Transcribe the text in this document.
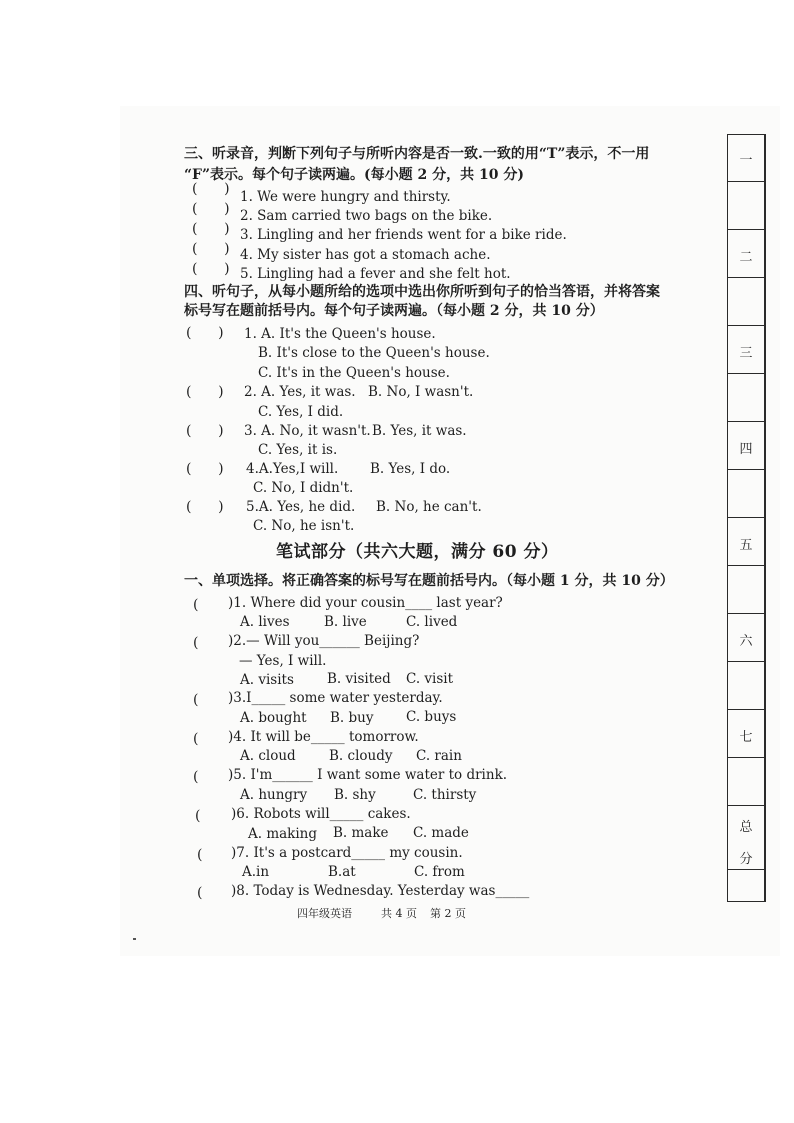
三、听录音，判断下列句子与所听内容是否一致.一致的用“T”表示，不一用
“F”表示。每个句子读两遍。(每小题 2 分，共 10 分)
(      ) 1. We were hungry and thirsty.
(      ) 2. Sam carried two bags on the bike.
(      ) 3. Lingling and her friends went for a bike ride.
(      ) 4. My sister has got a stomach ache.
(      ) 5. Lingling had a fever and she felt hot.
四、听句子，从每小题所给的选项中选出你所听到句子的恰当答语，并将答案
标号写在题前括号内。每个句子读两遍。（每小题 2 分，共 10 分）
(      ) 1. A. It's the Queen's house.
B. It's close to the Queen's house.
C. It's in the Queen's house.
(      ) 2. A. Yes, it was. B. No, I wasn't.
C. Yes, I did.
(      ) 3. A. No, it wasn't. B. Yes, it was.
C. Yes, it is.
(      ) 4.A.Yes,I will. B. Yes, I do.
C. No, I didn't.
(      ) 5.A. Yes, he did. B. No, he can't.
C. No, he isn't.
笔试部分（共六大题，满分 60 分）
一、单项选择。将正确答案的标号写在题前括号内。（每小题 1 分，共 10 分）
( )1. Where did your cousin____ last year?
A. lives	B. live	C. lived
( )2.— Will you______ Beijing?
— Yes, I will.
A. visits B. visited C. visit
( )3.I_____ some water yesterday.
A. bought B. buy C. buys
( )4. It will be_____ tomorrow.
A. cloud B. cloudy C. rain
( )5. I'm______ I want some water to drink.
A. hungry B. shy	C. thirsty
( )6. Robots will_____ cakes.
A. making B. make C. made
( )7. It's a postcard_____ my cousin.
A.in	B.at	C. from
( )8. Today is Wednesday. Yesterday was_____
四年级英语	共 4 页 第 2 页
一
二
三
四
五
六
七
总
分
